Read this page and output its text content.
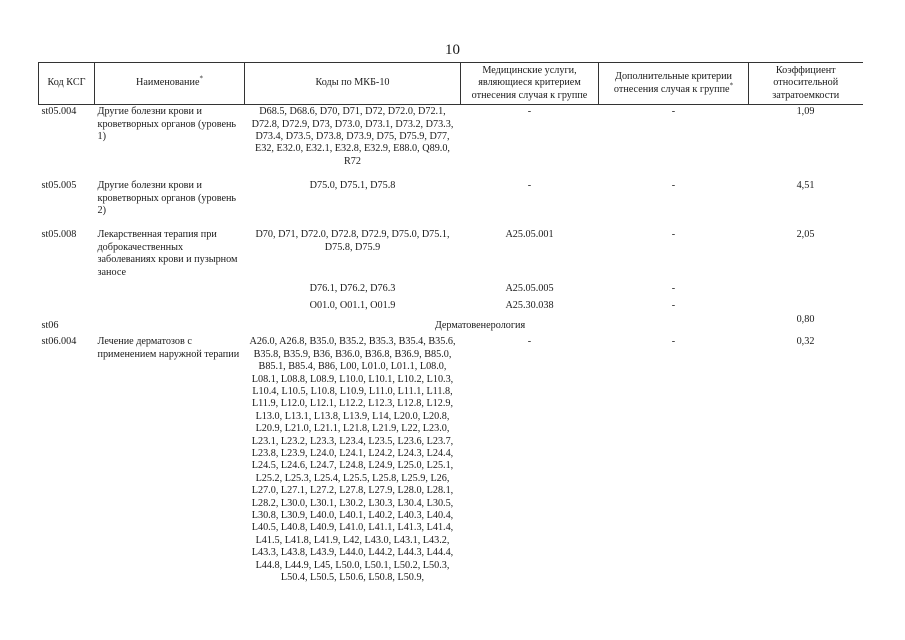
10
Код КСГ	Наименование*	Коды по МКБ-10	Медицинские услуги, являющиеся критерием отнесения случая к группе	Дополнительные критерии отнесения случая к группе*	Коэффициент относительной затратоемкости
st05.004	Другие болезни крови и кроветворных органов (уровень 1)	D68.5, D68.6, D70, D71, D72, D72.0, D72.1, D72.8, D72.9, D73, D73.0, D73.1, D73.2, D73.3, D73.4, D73.5, D73.8, D73.9, D75, D75.9, D77, E32, E32.0, E32.1, E32.8, E32.9, E88.0, Q89.0, R72	-	-	1,09
st05.005	Другие болезни крови и кроветворных органов (уровень 2)	D75.0, D75.1, D75.8	-	-	4,51
st05.008	Лекарственная терапия при доброкачественных заболеваниях крови и пузырном заносе	D70, D71, D72.0, D72.8, D72.9, D75.0, D75.1, D75.8, D75.9	A25.05.001	-	2,05
		D76.1, D76.2, D76.3	A25.05.005	-	
		O01.0, O01.1, O01.9	A25.30.038	-	
st06	Дерматовенерология				0,80
st06.004	Лечение дерматозов с применением наружной терапии	A26.0, A26.8, B35.0, B35.2, B35.3, B35.4, B35.6, B35.8, B35.9, B36, B36.0, B36.8, B36.9, B85.0, B85.1, B85.4, B86, L00, L01.0, L01.1, L08.0, L08.1, L08.8, L08.9, L10.0, L10.1, L10.2, L10.3, L10.4, L10.5, L10.8, L10.9, L11.0, L11.1, L11.8, L11.9, L12.0, L12.1, L12.2, L12.3, L12.8, L12.9, L13.0, L13.1, L13.8, L13.9, L14, L20.0, L20.8, L20.9, L21.0, L21.1, L21.8, L21.9, L22, L23.0, L23.1, L23.2, L23.3, L23.4, L23.5, L23.6, L23.7, L23.8, L23.9, L24.0, L24.1, L24.2, L24.3, L24.4, L24.5, L24.6, L24.7, L24.8, L24.9, L25.0, L25.1, L25.2, L25.3, L25.4, L25.5, L25.8, L25.9, L26, L27.0, L27.1, L27.2, L27.8, L27.9, L28.0, L28.1, L28.2, L30.0, L30.1, L30.2, L30.3, L30.4, L30.5, L30.8, L30.9, L40.0, L40.1, L40.2, L40.3, L40.4, L40.5, L40.8, L40.9, L41.0, L41.1, L41.3, L41.4, L41.5, L41.8, L41.9, L42, L43.0, L43.1, L43.2, L43.3, L43.8, L43.9, L44.0, L44.2, L44.3, L44.4, L44.8, L44.9, L45, L50.0, L50.1, L50.2, L50.3, L50.4, L50.5, L50.6, L50.8, L50.9,	-	-	0,32
